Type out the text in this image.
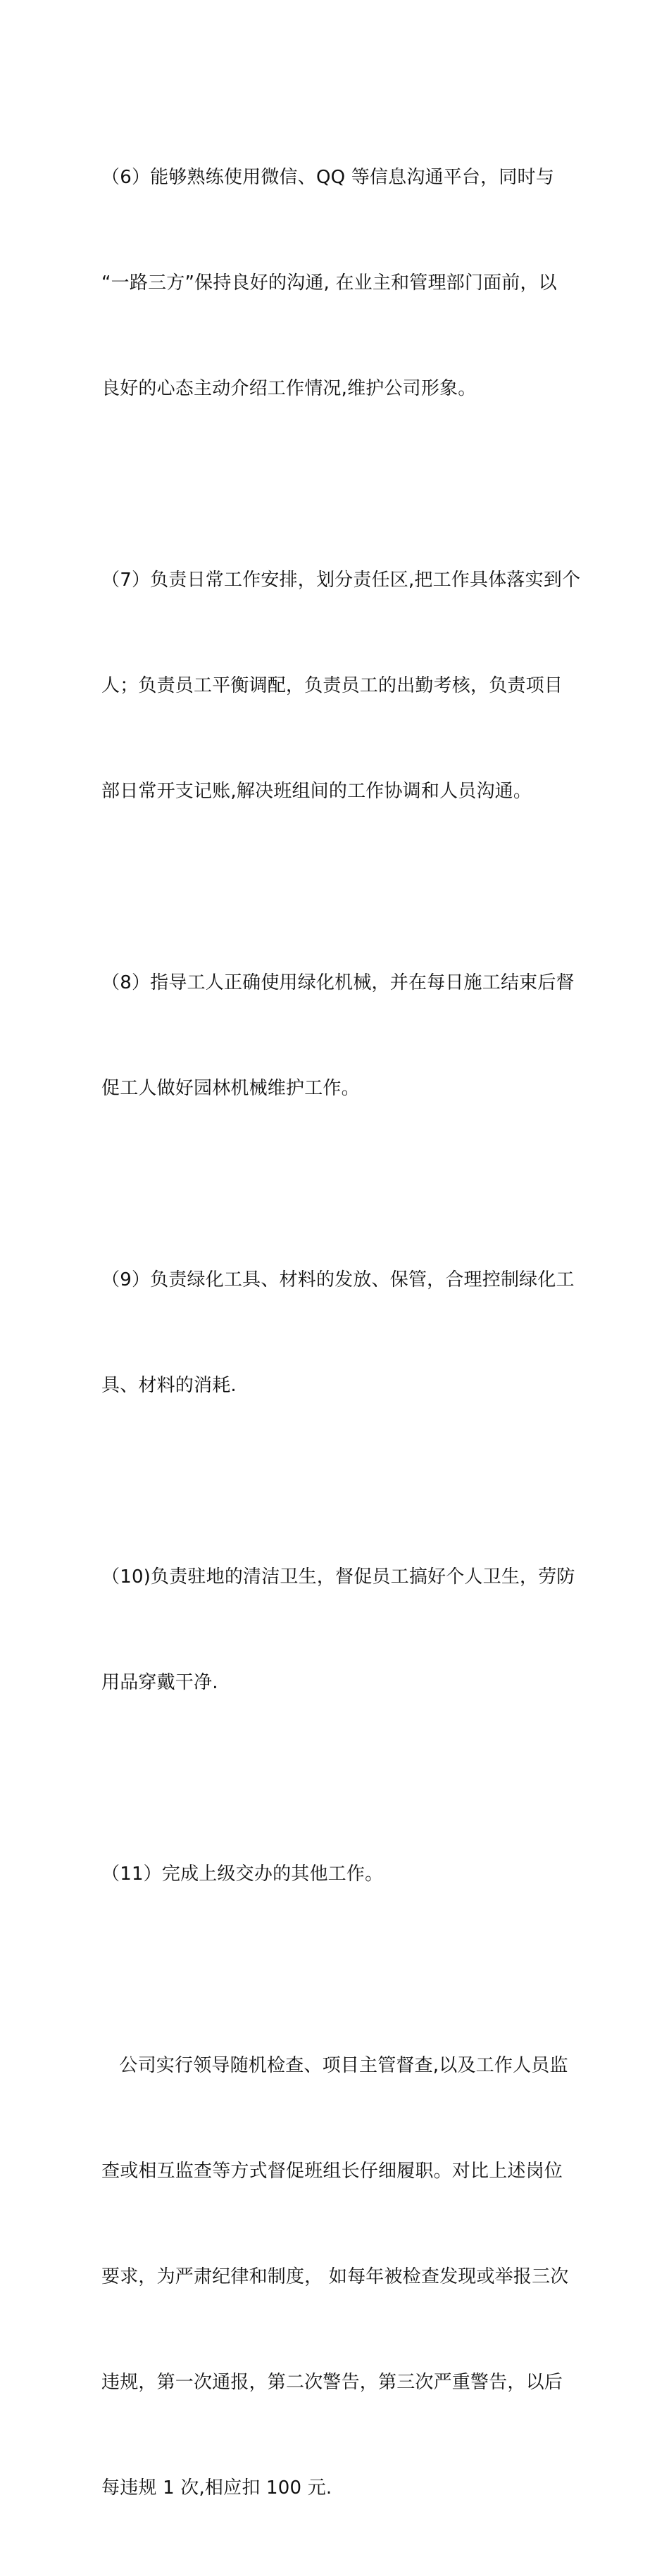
（6）能够熟练使用微信、QQ 等信息沟通平台，同时与

“一路三方”保持良好的沟通, 在业主和管理部门面前，以

良好的心态主动介绍工作情况,维护公司形象。

（7）负责日常工作安排，划分责任区,把工作具体落实到个

人；负责员工平衡调配，负责员工的出勤考核，负责项目

部日常开支记账,解决班组间的工作协调和人员沟通。

（8）指导工人正确使用绿化机械，并在每日施工结束后督

促工人做好园林机械维护工作。

（9）负责绿化工具、材料的发放、保管，合理控制绿化工

具、材料的消耗.

（10)负责驻地的清洁卫生，督促员工搞好个人卫生，劳防

用品穿戴干净.

（11）完成上级交办的其他工作。

公司实行领导随机检查、项目主管督查,以及工作人员监

查或相互监查等方式督促班组长仔细履职。对比上述岗位

要求，为严肃纪律和制度， 如每年被检查发现或举报三次

违规，第一次通报，第二次警告，第三次严重警告，以后

每违规 1 次,相应扣 100 元.
